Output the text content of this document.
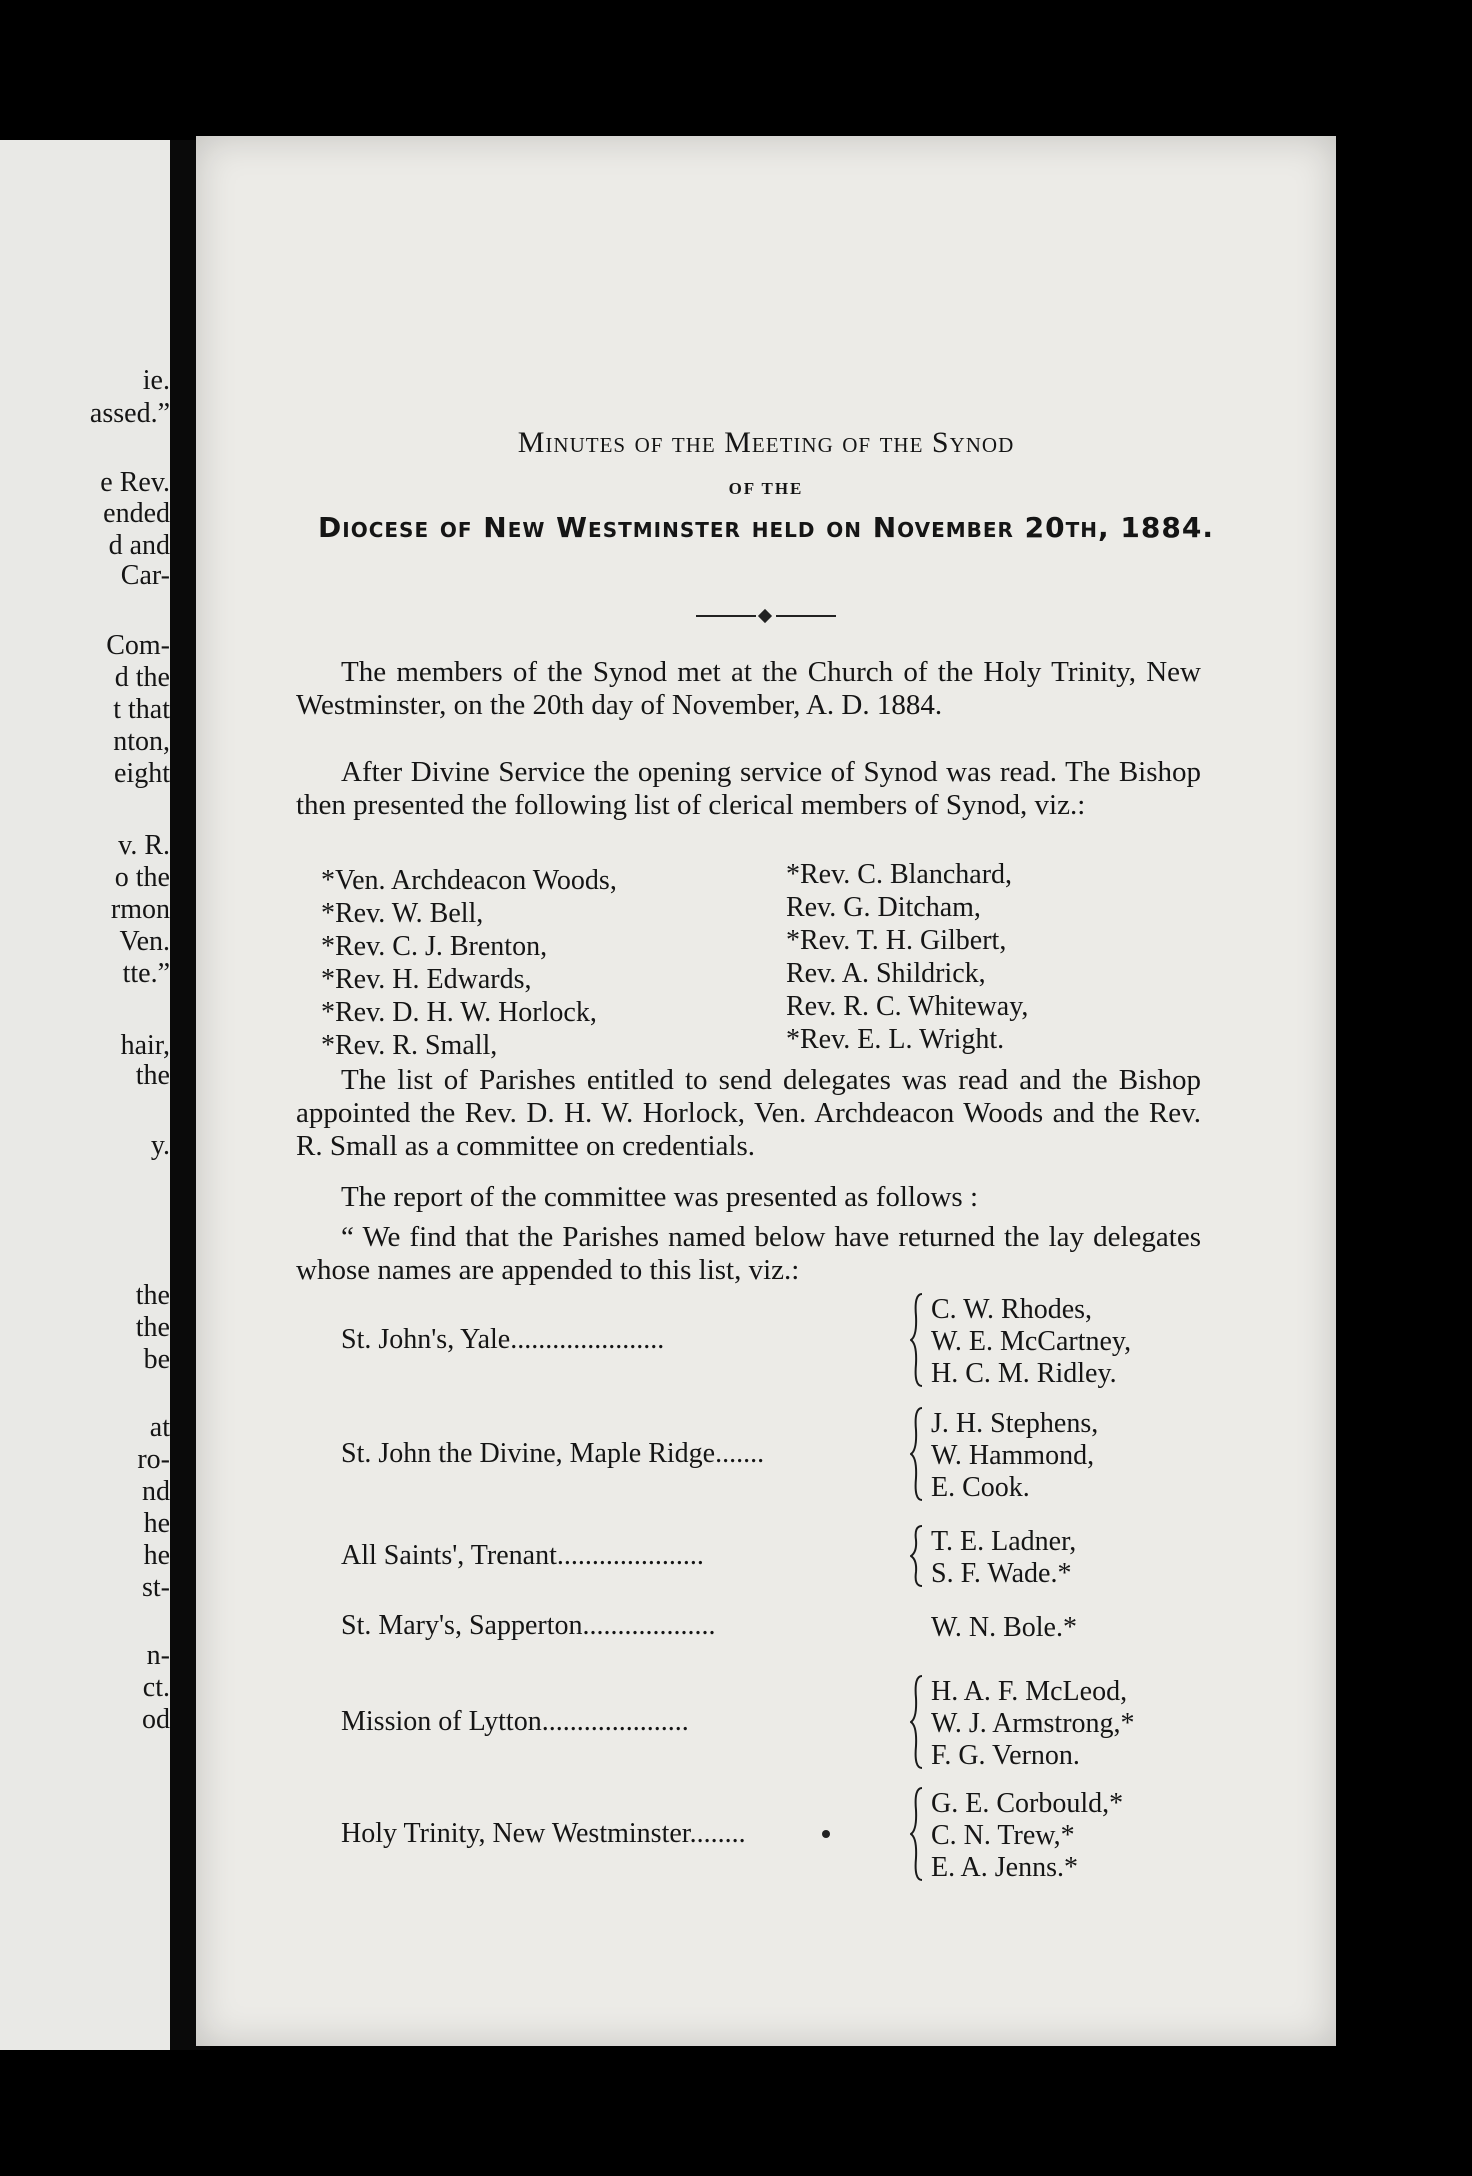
ie.
assed.”
e Rev.
ended
d and
Car-
Com-
d the
t that
nton,
eight
v. R.
o the
rmon
Ven.
tte.”
hair,
the
y.
the
the
be
at
ro-
nd
he
he
st-
n-
ct.
od
Minutes of the Meeting of the Synod
OF THE
Diocese of New Westminster held on November 20th, 1884.
The members of the Synod met at the Church of the Holy Trinity, New Westminster, on the 20th day of November, A. D. 1884.
After Divine Service the opening service of Synod was read. The Bishop then presented the following list of clerical members of Synod, viz.:
*Ven. Archdeacon Woods,
*Rev. W. Bell,
*Rev. C. J. Brenton,
*Rev. H. Edwards,
*Rev. D. H. W. Horlock,
*Rev. R. Small,
*Rev. C. Blanchard,
Rev. G. Ditcham,
*Rev. T. H. Gilbert,
Rev. A. Shildrick,
Rev. R. C. Whiteway,
*Rev. E. L. Wright.
The list of Parishes entitled to send delegates was read and the Bishop appointed the Rev. D. H. W. Horlock, Ven. Archdeacon Woods and the Rev. R. Small as a committee on credentials.
The report of the committee was presented as follows :
“ We find that the Parishes named below have returned the lay delegates whose names are appended to this list, viz.:
St. John's, Yale......................
C. W. Rhodes,
W. E. McCartney,
H. C. M. Ridley.
St. John the Divine, Maple Ridge.......
J. H. Stephens,
W. Hammond,
E. Cook.
All Saints', Trenant.....................	T. E. Ladner,
S. F. Wade.*
St. Mary's, Sapperton...................	W. N. Bole.*
Mission of Lytton.....................
H. A. F. McLeod,
W. J. Armstrong,*
F. G. Vernon.
Holy Trinity, New Westminster........
G. E. Corbould,*
C. N. Trew,*
E. A. Jenns.*
